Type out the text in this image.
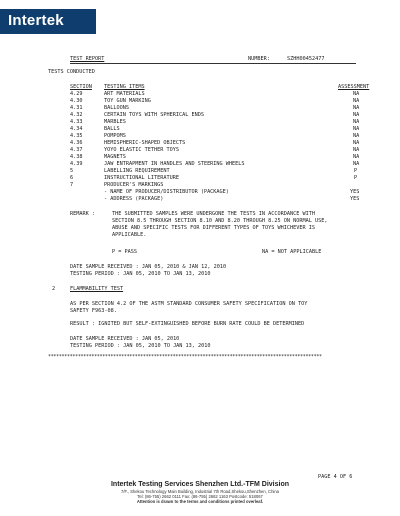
Intertek
TEST REPORT	NUMBER:	SZHH00452477
TESTS CONDUCTED
SECTION TESTING ITEMS	ASSESSMENT
4.29	ART MATERIALS	NA
4.30	TOY GUN MARKING	NA
4.31	BALLOONS	NA
4.32	CERTAIN TOYS WITH SPHERICAL ENDS	NA
4.33	MARBLES	NA
4.34	BALLS	NA
4.35	POMPOMS	NA
4.36	HEMISPHERIC-SHAPED OBJECTS	NA
4.37	YOYO ELASTIC TETHER TOYS	NA
4.38	MAGNETS	NA
4.39	JAW ENTRAPMENT IN HANDLES AND STEERING WHEELS	NA
5	LABELLING REQUIREMENT	P
6	INSTRUCTIONAL LITERATURE	P
7	PRODUCER'S MARKINGS
- NAME OF PRODUCER/DISTRIBUTOR (PACKAGE)	YES
- ADDRESS (PACKAGE)	YES
REMARK :	THE SUBMITTED SAMPLES WERE UNDERGONE THE TESTS IN ACCORDANCE WITH
SECTION 8.5 THROUGH SECTION 8.10 AND 8.20 THROUGH 8.25 ON NORMAL USE,
ABUSE AND SPECIFIC TESTS FOR DIFFERENT TYPES OF TOYS WHICHEVER IS
APPLICABLE.
P = PASS	NA = NOT APPLICABLE
DATE SAMPLE RECEIVED : JAN 05, 2010 & JAN 12, 2010
TESTING PERIOD : JAN 05, 2010 TO JAN 13, 2010
2	FLAMMABILITY TEST
AS PER SECTION 4.2 OF THE ASTM STANDARD CONSUMER SAFETY SPECIFICATION ON TOY
SAFETY F963-08.
RESULT : IGNITED BUT SELF-EXTINGUISHED BEFORE BURN RATE COULD BE DETERMINED
DATE SAMPLE RECEIVED : JAN 05, 2010
TESTING PERIOD : JAN 05, 2010 TO JAN 13, 2010
*****************************************************************************************************
PAGE 4 OF 6
Intertek Testing Services Shenzhen Ltd.-TFM Division
7/F., Shekou Technology Main Building, Industrial 7th Road,Shekou,Shenzhen, China
Tel: (86-755) 2662 0111 Fax: (86-755) 2662 1163 Postcode: 518067
Attention is drawn to the terms and conditions printed overleaf.
